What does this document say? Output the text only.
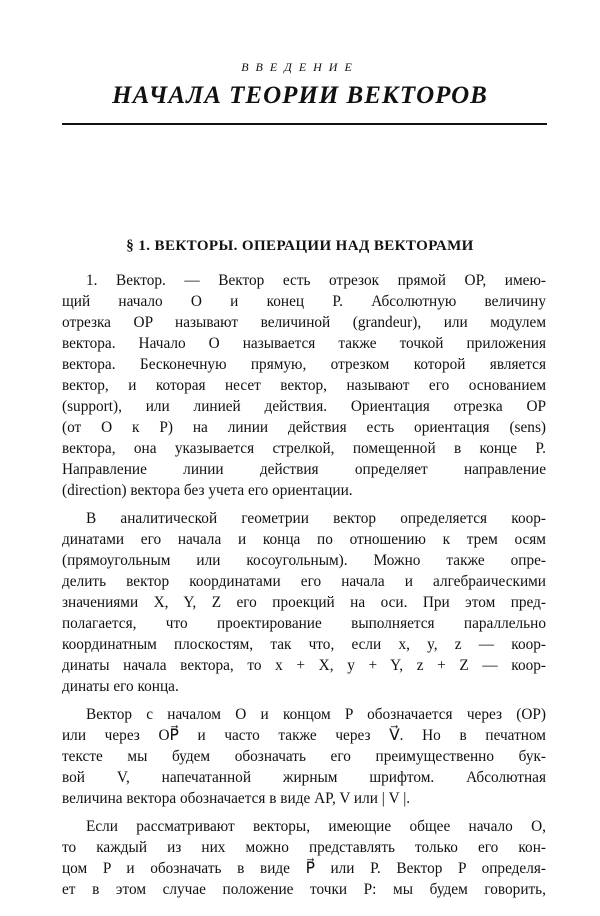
ВВЕДЕНИЕ
НАЧАЛА ТЕОРИИ ВЕКТОРОВ
§ 1. ВЕКТОРЫ. ОПЕРАЦИИ НАД ВЕКТОРАМИ
1. Вектор. — Вектор есть отрезок прямой OP, имею-
щий начало O и конец P. Абсолютную величину
отрезка OP называют величиной (grandeur), или модулем
вектора. Начало O называется также точкой приложения
вектора. Бесконечную прямую, отрезком которой является
вектор, и которая несет вектор, называют его основанием
(support), или линией действия. Ориентация отрезка OP
(от O к P) на линии действия есть ориентация (sens)
вектора, она указывается стрелкой, помещенной в конце P.
Направление линии действия определяет направление
(direction) вектора без учета его ориентации.
В аналитической геометрии вектор определяется коор-
динатами его начала и конца по отношению к трем осям
(прямоугольным или косоугольным). Можно также опре-
делить вектор координатами его начала и алгебраическими
значениями X, Y, Z его проекций на оси. При этом пред-
полагается, что проектирование выполняется параллельно
координатным плоскостям, так что, если x, y, z — коор-
динаты начала вектора, то x + X, y + Y, z + Z — коор-
динаты его конца.
Вектор с началом O и концом P обозначается через (OP)
или через OP⃗ и часто также через V⃗. Но в печатном
тексте мы будем обозначать его преимущественно бук-
вой V, напечатанной жирным шрифтом. Абсолютная
величина вектора обозначается в виде AP, V или | V |.
Если рассматривают векторы, имеющие общее начало O,
то каждый из них можно представлять только его кон-
цом P и обозначать в виде P⃗ или P. Вектор P определя-
ет в этом случае положение точки P: мы будем говорить,
